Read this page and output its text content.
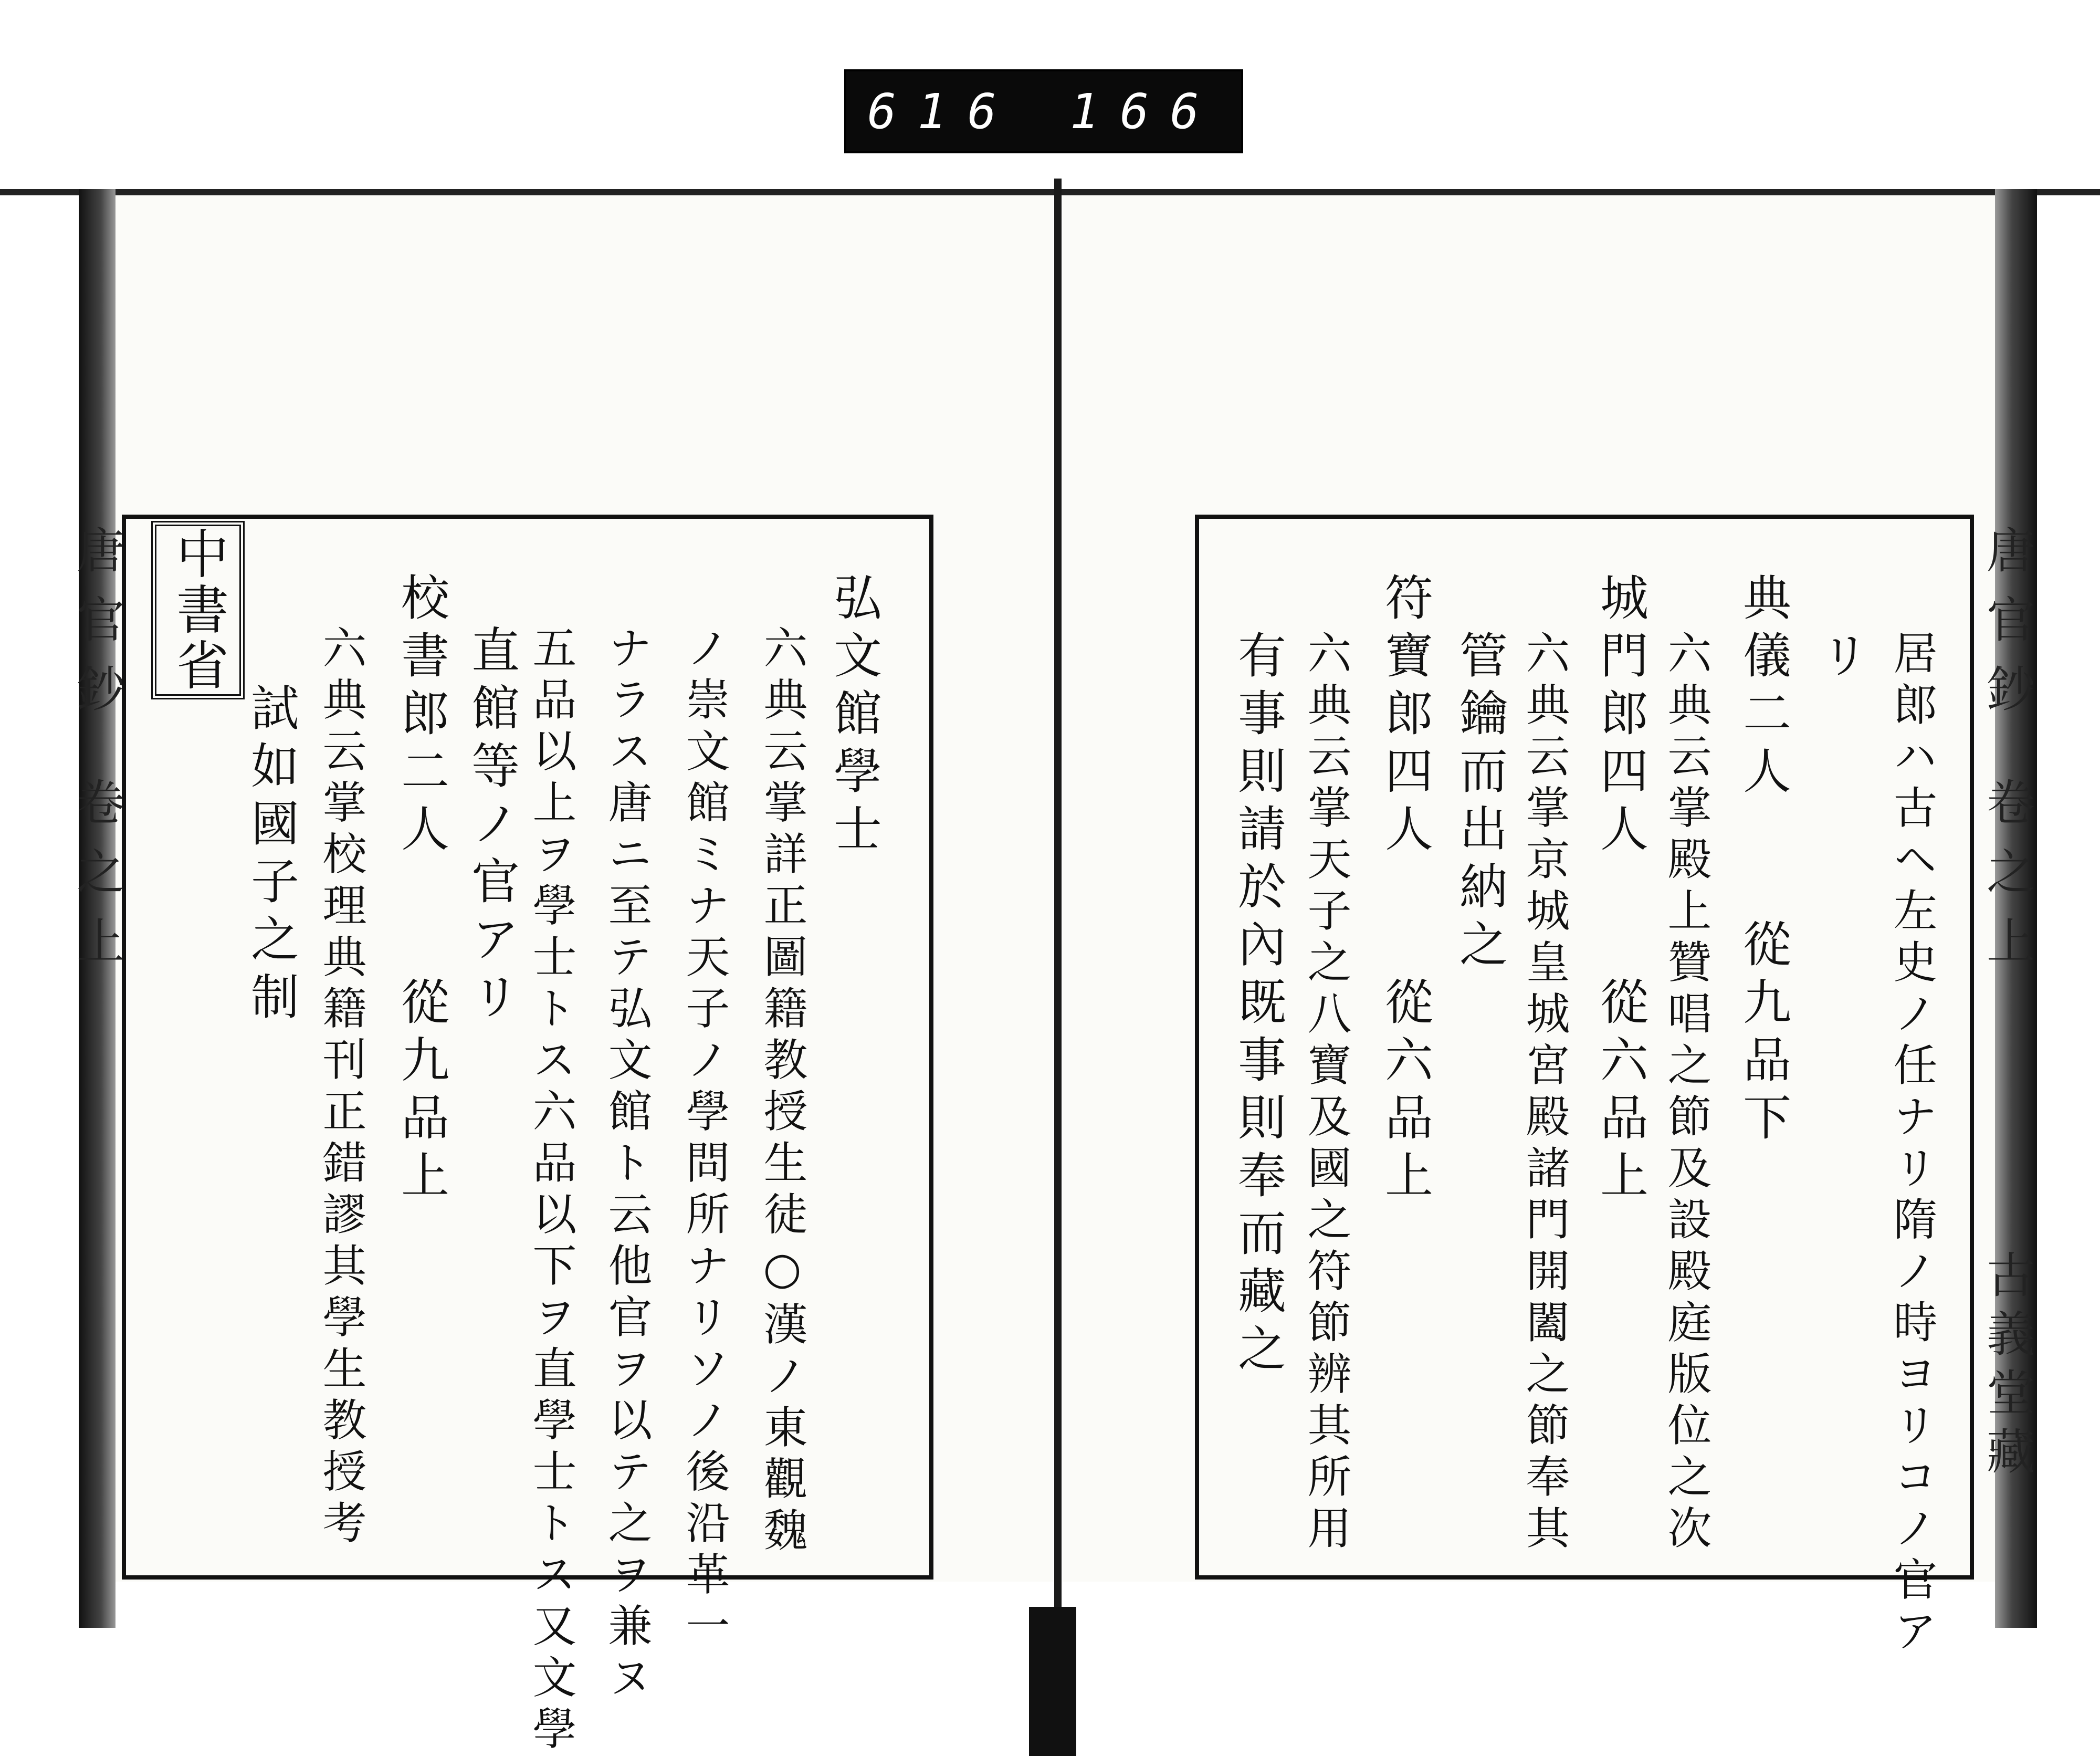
616 166
唐官鈔
卷之上
唐官鈔
卷之上
古義堂藏
中書省	弘文館學士
六典云掌詳正圖籍教授生徒○漢ノ東觀魏
ノ崇文館ミナ天子ノ學問所ナリソノ後沿革一
ナラス唐ニ至テ弘文館ト云他官ヲ以テ之ヲ兼ヌ
五品以上ヲ學士トス六品以下ヲ直學士トス又文學
直館等ノ官アリ
校書郎二人　　從九品上
六典云掌校理典籍刊正錯謬其學生教授考
試如國子之制	居郎ハ古ヘ左史ノ任ナリ隋ノ時ヨリコノ官ア
リ
典儀二人　　從九品下
六典云掌殿上贊唱之節及設殿庭版位之次
城門郎四人　　從六品上
六典云掌京城皇城宮殿諸門開闔之節奉其
管鑰而出納之
符寶郎四人　　從六品上
六典云掌天子之八寶及國之符節辨其所用
有事則請於內既事則奉而藏之
